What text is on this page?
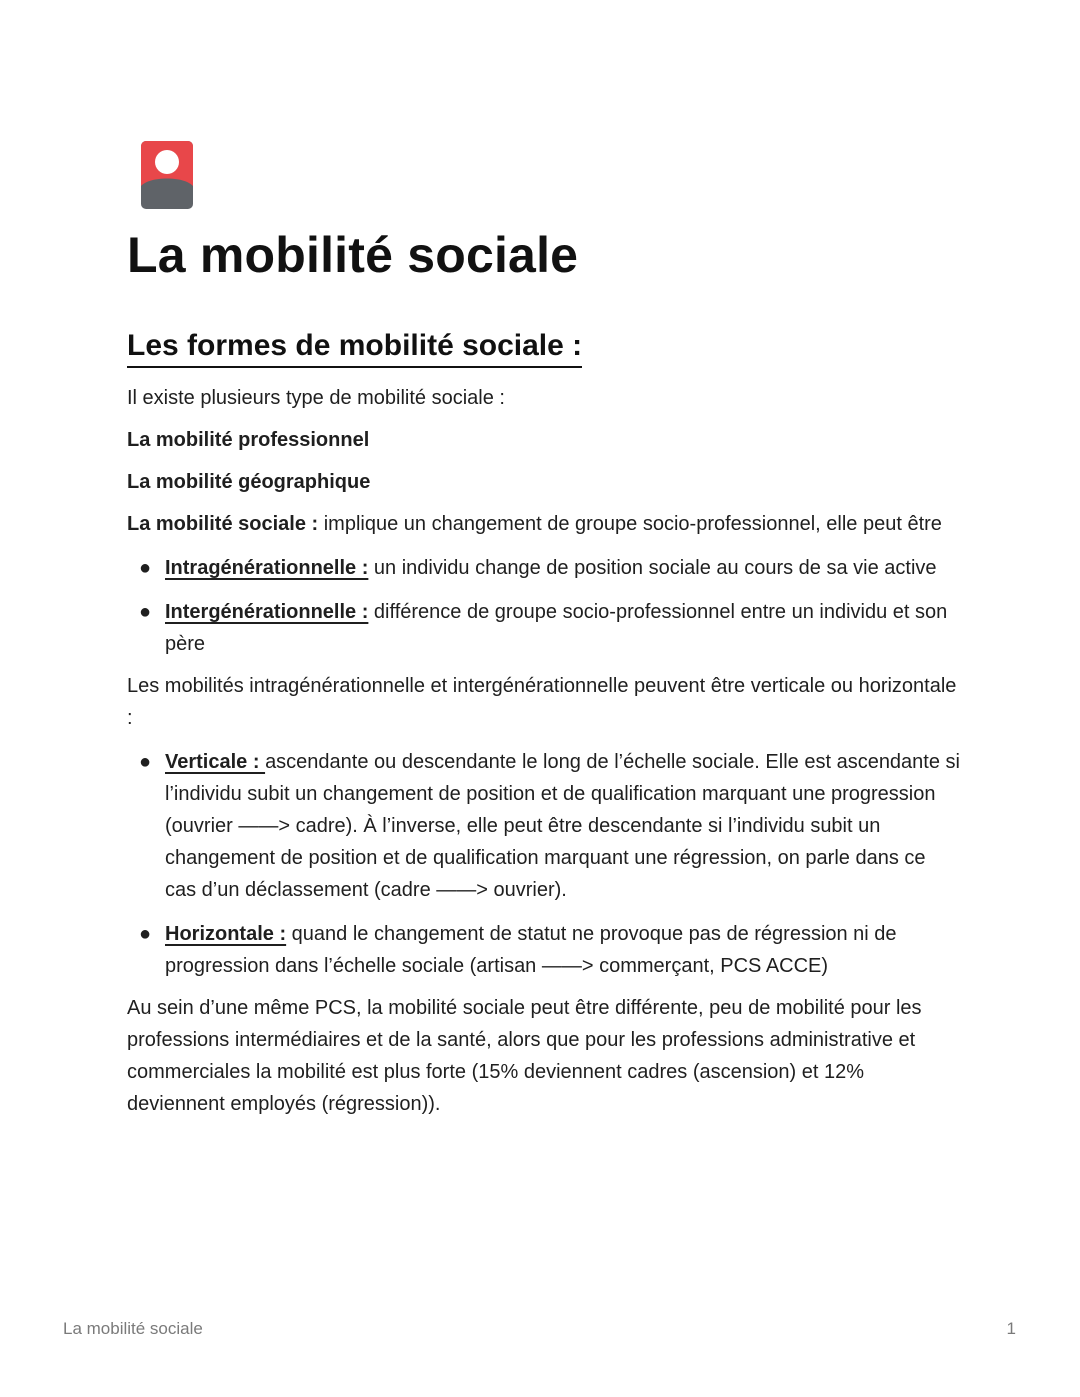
La mobilité sociale
Les formes de mobilité sociale :

Il existe plusieurs type de mobilité sociale :

La mobilité professionnel

La mobilité géographique

La mobilité sociale : implique un changement de groupe socio-professionnel, elle peut être

● Intragénérationnelle : un individu change de position sociale au cours de sa vie active
● Intergénérationnelle : différence de groupe socio-professionnel entre un individu et son père

Les mobilités intragénérationnelle et intergénérationnelle peuvent être verticale ou horizontale :

● Verticale : ascendante ou descendante le long de l’échelle sociale. Elle est ascendante si l’individu subit un changement de position et de qualification marquant une progression (ouvrier ——> cadre). À l’inverse, elle peut être descendante si l’individu subit un changement de position et de qualification marquant une régression, on parle dans ce cas d’un déclassement (cadre ——> ouvrier).
● Horizontale : quand le changement de statut ne provoque pas de régression ni de progression dans l’échelle sociale (artisan ——> commerçant, PCS ACCE)

Au sein d’une même PCS, la mobilité sociale peut être différente, peu de mobilité pour les professions intermédiaires et de la santé, alors que pour les professions administrative et commerciales la mobilité est plus forte (15% deviennent cadres (ascension) et 12% deviennent employés (régression)).

La mobilité sociale	1
